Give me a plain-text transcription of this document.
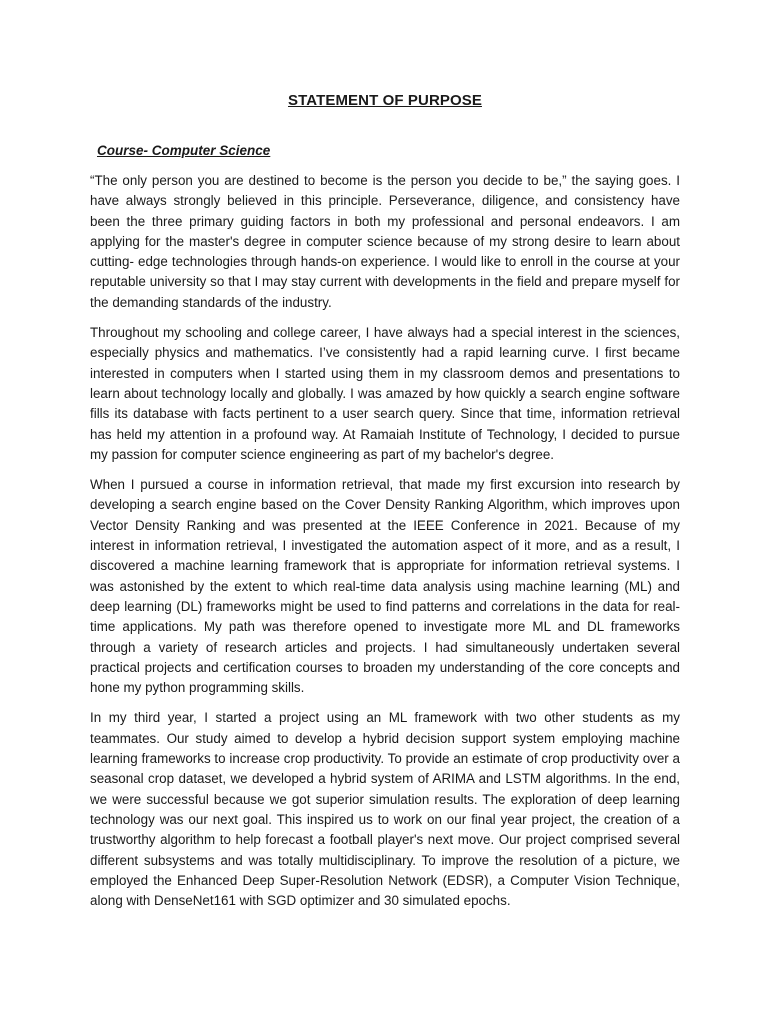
STATEMENT OF PURPOSE
Course- Computer Science

“The only person you are destined to become is the person you decide to be,” the saying goes. I have always strongly believed in this principle. Perseverance, diligence, and consistency have been the three primary guiding factors in both my professional and personal endeavors. I am applying for the master's degree in computer science because of my strong desire to learn about cutting- edge technologies through hands-on experience. I would like to enroll in the course at your reputable university so that I may stay current with developments in the field and prepare myself for the demanding standards of the industry.

Throughout my schooling and college career, I have always had a special interest in the sciences, especially physics and mathematics. I’ve consistently had a rapid learning curve. I first became interested in computers when I started using them in my classroom demos and presentations to learn about technology locally and globally. I was amazed by how quickly a search engine software fills its database with facts pertinent to a user search query. Since that time, information retrieval has held my attention in a profound way. At Ramaiah Institute of Technology, I decided to pursue my passion for computer science engineering as part of my bachelor's degree.

When I pursued a course in information retrieval, that made my first excursion into research by developing a search engine based on the Cover Density Ranking Algorithm, which improves upon Vector Density Ranking and was presented at the IEEE Conference in 2021. Because of my interest in information retrieval, I investigated the automation aspect of it more, and as a result, I discovered a machine learning framework that is appropriate for information retrieval systems. I was astonished by the extent to which real-time data analysis using machine learning (ML) and deep learning (DL) frameworks might be used to find patterns and correlations in the data for real- time applications. My path was therefore opened to investigate more ML and DL frameworks through a variety of research articles and projects. I had simultaneously undertaken several practical projects and certification courses to broaden my understanding of the core concepts and hone my python programming skills.

In my third year, I started a project using an ML framework with two other students as my teammates. Our study aimed to develop a hybrid decision support system employing machine learning frameworks to increase crop productivity. To provide an estimate of crop productivity over a seasonal crop dataset, we developed a hybrid system of ARIMA and LSTM algorithms. In the end, we were successful because we got superior simulation results. The exploration of deep learning technology was our next goal. This inspired us to work on our final year project, the creation of a trustworthy algorithm to help forecast a football player's next move. Our project comprised several different subsystems and was totally multidisciplinary. To improve the resolution of a picture, we employed the Enhanced Deep Super-Resolution Network (EDSR), a Computer Vision Technique, along with DenseNet161 with SGD optimizer and 30 simulated epochs.
